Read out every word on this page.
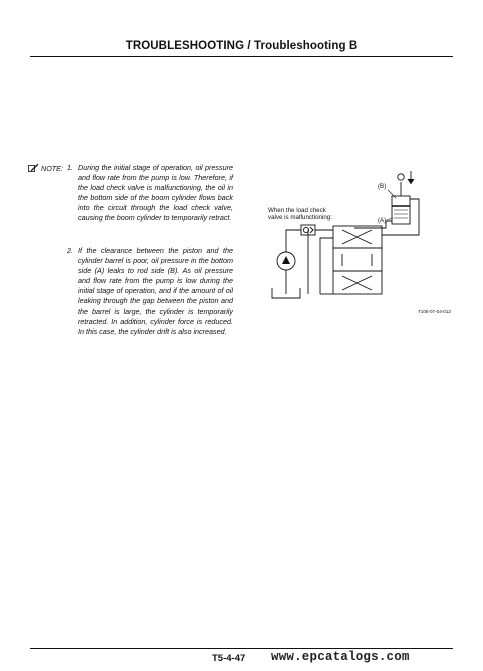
TROUBLESHOOTING / Troubleshooting B
NOTE: 1. During the initial stage of operation, oil pressure and flow rate from the pump is low. Therefore, if the load check valve is malfunctioning, the oil in the bottom side of the boom cylinder flows back into the circuit through the load check valve, causing the boom cylinder to temporarily retract.
2. If the clearance between the piston and the cylinder barrel is poor, oil pressure in the bottom side (A) leaks to rod side (B). As oil pressure and flow rate from the pump is low during the initial stage of operation, and if the amount of oil leaking through the gap between the piston and the barrel is large, the cylinder is temporarily retracted. In addition, cylinder force is reduced. In this case, the cylinder drift is also increased.
When the load check
valve is malfunctioning:
(B)
(A)
T105-07-04-012
T5-4-47 www.epcatalogs.com
